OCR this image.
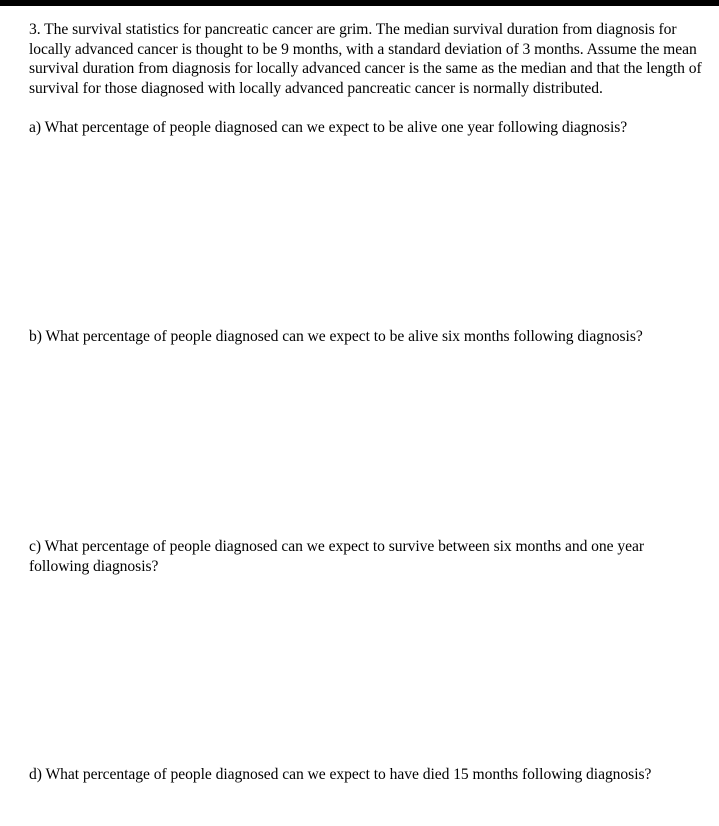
3. The survival statistics for pancreatic cancer are grim. The median survival duration from diagnosis for locally advanced cancer is thought to be 9 months, with a standard deviation of 3 months. Assume the mean survival duration from diagnosis for locally advanced cancer is the same as the median and that the length of survival for those diagnosed with locally advanced pancreatic cancer is normally distributed.

a) What percentage of people diagnosed can we expect to be alive one year following diagnosis?

b) What percentage of people diagnosed can we expect to be alive six months following diagnosis?

c) What percentage of people diagnosed can we expect to survive between six months and one year following diagnosis?

d) What percentage of people diagnosed can we expect to have died 15 months following diagnosis?
